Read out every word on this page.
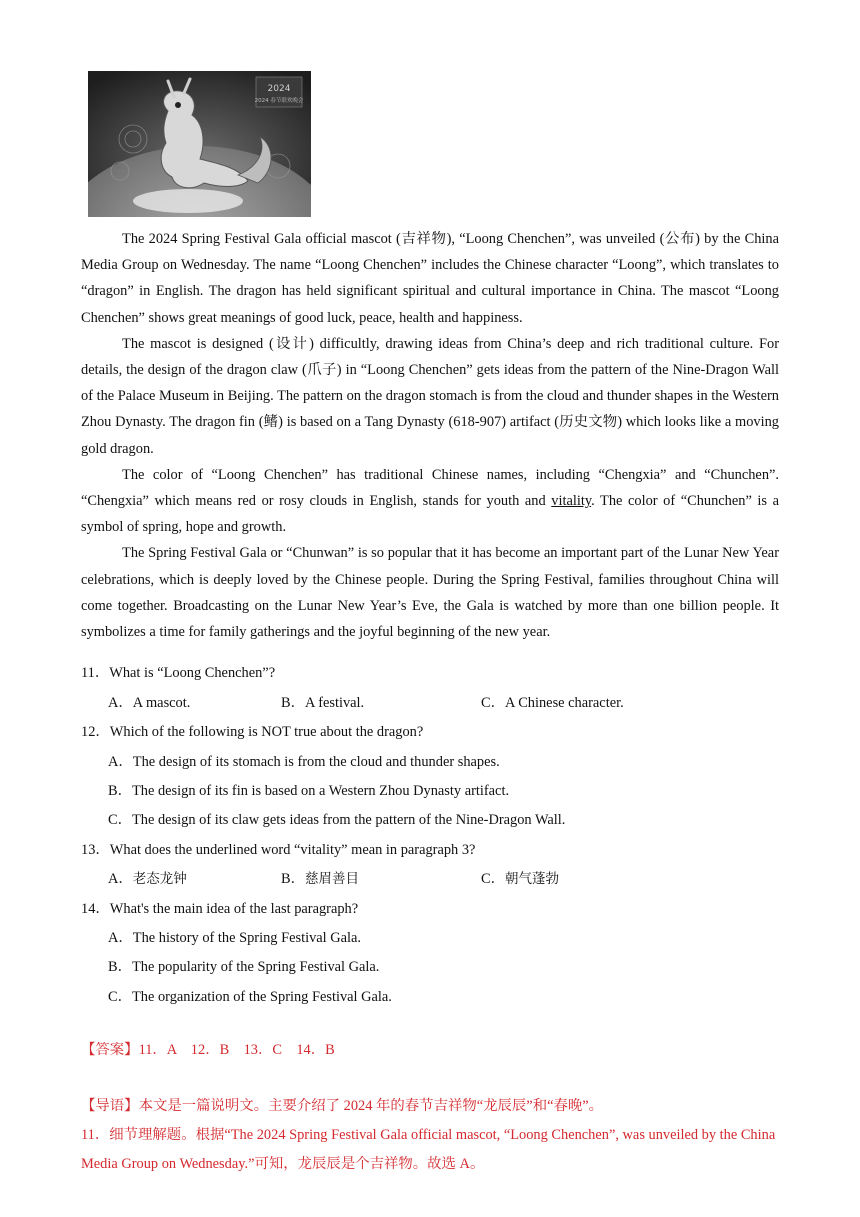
2024
2024 春节联欢晚会

The 2024 Spring Festival Gala official mascot (吉祥物), “Loong Chenchen”, was unveiled (公布) by the China Media Group on Wednesday. The name “Loong Chenchen” includes the Chinese character “Loong”, which translates to “dragon” in English. The dragon has held significant spiritual and cultural importance in China. The mascot “Loong Chenchen” shows great meanings of good luck, peace, health and happiness.

The mascot is designed (设计) difficultly, drawing ideas from China’s deep and rich traditional culture. For details, the design of the dragon claw (爪子) in “Loong Chenchen” gets ideas from the pattern of the Nine-Dragon Wall of the Palace Museum in Beijing. The pattern on the dragon stomach is from the cloud and thunder shapes in the Western Zhou Dynasty. The dragon fin (鳍) is based on a Tang Dynasty (618-907) artifact (历史文物) which looks like a moving gold dragon.

The color of “Loong Chenchen” has traditional Chinese names, including “Chengxia” and “Chunchen”. “Chengxia” which means red or rosy clouds in English, stands for youth and vitality. The color of “Chunchen” is a symbol of spring, hope and growth.

The Spring Festival Gala or “Chunwan” is so popular that it has become an important part of the Lunar New Year celebrations, which is deeply loved by the Chinese people. During the Spring Festival, families throughout China will come together. Broadcasting on the Lunar New Year’s Eve, the Gala is watched by more than one billion people. It symbolizes a time for family gatherings and the joyful beginning of the new year.

11．What is “Loong Chenchen”?
A．A mascot.	B．A festival.	C．A Chinese character.
12．Which of the following is NOT true about the dragon?
A．The design of its stomach is from the cloud and thunder shapes.
B．The design of its fin is based on a Western Zhou Dynasty artifact.
C．The design of its claw gets ideas from the pattern of the Nine-Dragon Wall.
13．What does the underlined word “vitality” mean in paragraph 3?
A．老态龙钟	B．慈眉善目	C．朝气蓬勃
14．What's the main idea of the last paragraph?
A．The history of the Spring Festival Gala.
B．The popularity of the Spring Festival Gala.
C．The organization of the Spring Festival Gala.
【答案】11．A　12．B　13．C　14．B
【导语】本文是一篇说明文。主要介绍了 2024 年的春节吉祥物“龙辰辰”和“春晚”。
11．细节理解题。根据“The 2024 Spring Festival Gala official mascot, “Loong Chenchen”, was unveiled by the China Media Group on Wednesday.”可知，龙辰辰是个吉祥物。故选 A。
